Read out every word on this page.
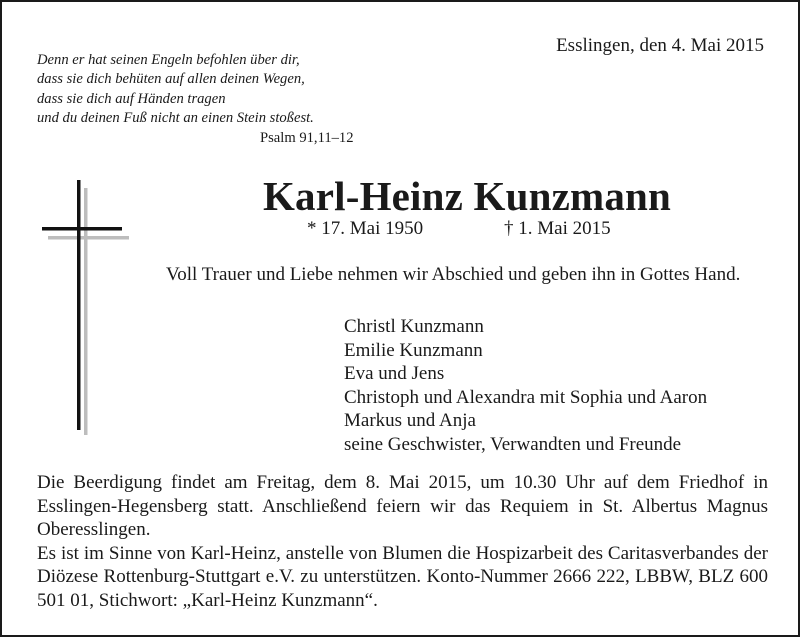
Esslingen, den 4. Mai 2015
Denn er hat seinen Engeln befohlen über dir,
dass sie dich behüten auf allen deinen Wegen,
dass sie dich auf Händen tragen
und du deinen Fuß nicht an einen Stein stoßest.
Psalm 91,11–12
Karl-Heinz Kunzmann
* 17. Mai 1950	† 1. Mai 2015
Voll Trauer und Liebe nehmen wir Abschied und geben ihn in Gottes Hand.
Christl Kunzmann
Emilie Kunzmann
Eva und Jens
Christoph und Alexandra mit Sophia und Aaron
Markus und Anja
seine Geschwister, Verwandten und Freunde

Die Beerdigung findet am Freitag, dem 8. Mai 2015, um 10.30 Uhr auf dem Friedhof in Esslingen-Hegensberg statt. Anschließend feiern wir das Requiem in St. Albertus Magnus Oberesslingen.

Es ist im Sinne von Karl-Heinz, anstelle von Blumen die Hospizarbeit des Caritasverbandes der Diözese Rottenburg-Stuttgart e.V. zu unterstützen. Konto-Nummer 2666 222, LBBW, BLZ 600 501 01, Stichwort: „Karl-Heinz Kunzmann“.
